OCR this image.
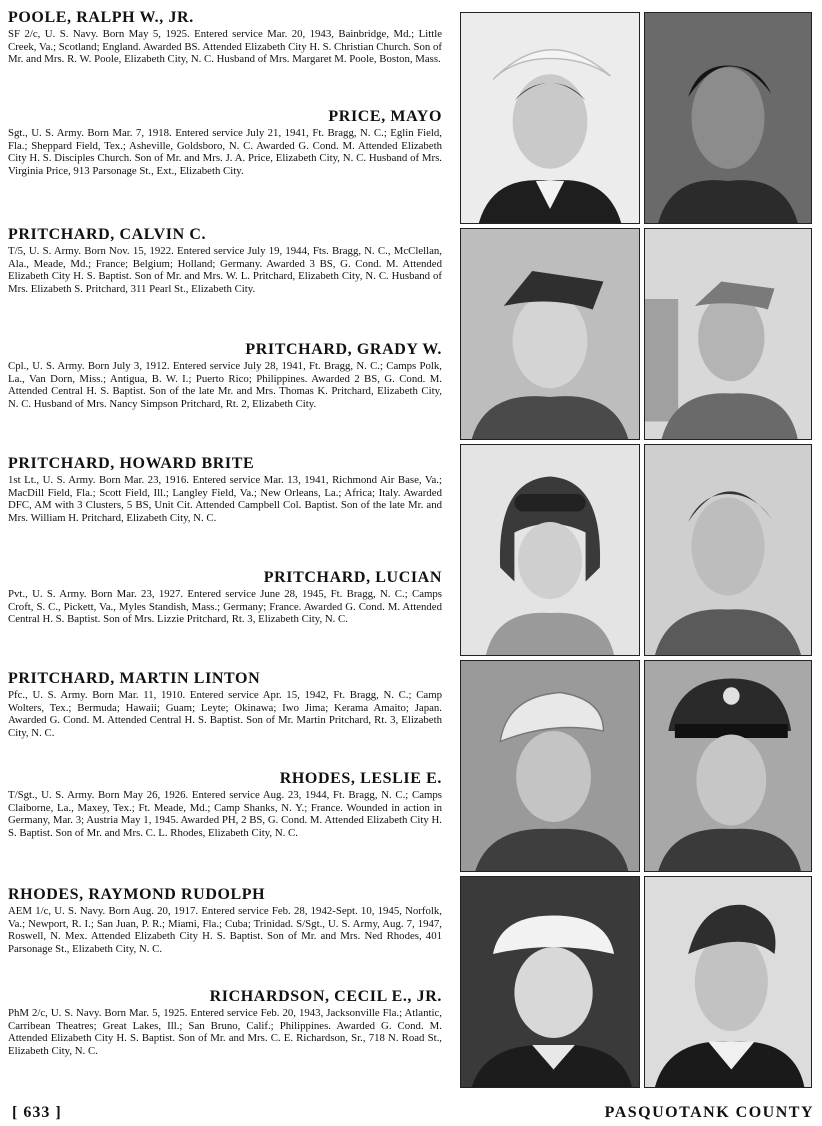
POOLE, RALPH W., JR.
SF 2/c, U. S. Navy. Born May 5, 1925. Entered service Mar. 20, 1943, Bainbridge, Md.; Little Creek, Va.; Scotland; England. Awarded BS. Attended Elizabeth City H. S. Christian Church. Son of Mr. and Mrs. R. W. Poole, Elizabeth City, N. C. Husband of Mrs. Margaret M. Poole, Boston, Mass.
PRICE, MAYO
Sgt., U. S. Army. Born Mar. 7, 1918. Entered service July 21, 1941, Ft. Bragg, N. C.; Eglin Field, Fla.; Sheppard Field, Tex.; Asheville, Goldsboro, N. C. Awarded G. Cond. M. Attended Elizabeth City H. S. Disciples Church. Son of Mr. and Mrs. J. A. Price, Elizabeth City, N. C. Husband of Mrs. Virginia Price, 913 Parsonage St., Ext., Elizabeth City.
PRITCHARD, CALVIN C.
T/5, U. S. Army. Born Nov. 15, 1922. Entered service July 19, 1944, Fts. Bragg, N. C., McClellan, Ala., Meade, Md.; France; Belgium; Holland; Germany. Awarded 3 BS, G. Cond. M. Attended Elizabeth City H. S. Baptist. Son of Mr. and Mrs. W. L. Pritchard, Elizabeth City, N. C. Husband of Mrs. Elizabeth S. Pritchard, 311 Pearl St., Elizabeth City.
PRITCHARD, GRADY W.
Cpl., U. S. Army. Born July 3, 1912. Entered service July 28, 1941, Ft. Bragg, N. C.; Camps Polk, La., Van Dorn, Miss.; Antigua, B. W. I.; Puerto Rico; Philippines. Awarded 2 BS, G. Cond. M. Attended Central H. S. Baptist. Son of the late Mr. and Mrs. Thomas K. Pritchard, Elizabeth City, N. C. Husband of Mrs. Nancy Simpson Pritchard, Rt. 2, Elizabeth City.
PRITCHARD, HOWARD BRITE
1st Lt., U. S. Army. Born Mar. 23, 1916. Entered service Mar. 13, 1941, Richmond Air Base, Va.; MacDill Field, Fla.; Scott Field, Ill.; Langley Field, Va.; New Orleans, La.; Africa; Italy. Awarded DFC, AM with 3 Clusters, 5 BS, Unit Cit. Attended Campbell Col. Baptist. Son of the late Mr. and Mrs. William H. Pritchard, Elizabeth City, N. C.
PRITCHARD, LUCIAN
Pvt., U. S. Army. Born Mar. 23, 1927. Entered service June 28, 1945, Ft. Bragg, N. C.; Camps Croft, S. C., Pickett, Va., Myles Standish, Mass.; Germany; France. Awarded G. Cond. M. Attended Central H. S. Baptist. Son of Mrs. Lizzie Pritchard, Rt. 3, Elizabeth City, N. C.
PRITCHARD, MARTIN LINTON
Pfc., U. S. Army. Born Mar. 11, 1910. Entered service Apr. 15, 1942, Ft. Bragg, N. C.; Camp Wolters, Tex.; Bermuda; Hawaii; Guam; Leyte; Okinawa; Iwo Jima; Kerama Amaito; Japan. Awarded G. Cond. M. Attended Central H. S. Baptist. Son of Mr. Martin Pritchard, Rt. 3, Elizabeth City, N. C.
RHODES, LESLIE E.
T/Sgt., U. S. Army. Born May 26, 1926. Entered service Aug. 23, 1944, Ft. Bragg, N. C.; Camps Claiborne, La., Maxey, Tex.; Ft. Meade, Md.; Camp Shanks, N. Y.; France. Wounded in action in Germany, Mar. 3; Austria May 1, 1945. Awarded PH, 2 BS, G. Cond. M. Attended Elizabeth City H. S. Baptist. Son of Mr. and Mrs. C. L. Rhodes, Elizabeth City, N. C.
RHODES, RAYMOND RUDOLPH
AEM 1/c, U. S. Navy. Born Aug. 20, 1917. Entered service Feb. 28, 1942-Sept. 10, 1945, Norfolk, Va.; Newport, R. I.; San Juan, P. R.; Miami, Fla.; Cuba; Trinidad. S/Sgt., U. S. Army, Aug. 7, 1947, Roswell, N. Mex. Attended Elizabeth City H. S. Baptist. Son of Mr. and Mrs. Ned Rhodes, 401 Parsonage St., Elizabeth City, N. C.
RICHARDSON, CECIL E., JR.
PhM 2/c, U. S. Navy. Born Mar. 5, 1925. Entered service Feb. 20, 1943, Jacksonville Fla.; Atlantic, Carribean Theatres; Great Lakes, Ill.; San Bruno, Calif.; Philippines. Awarded G. Cond. M. Attended Elizabeth City H. S. Baptist. Son of Mr. and Mrs. C. E. Richardson, Sr., 718 N. Road St., Elizabeth City, N. C.
[ 633 ]	PASQUOTANK COUNTY
